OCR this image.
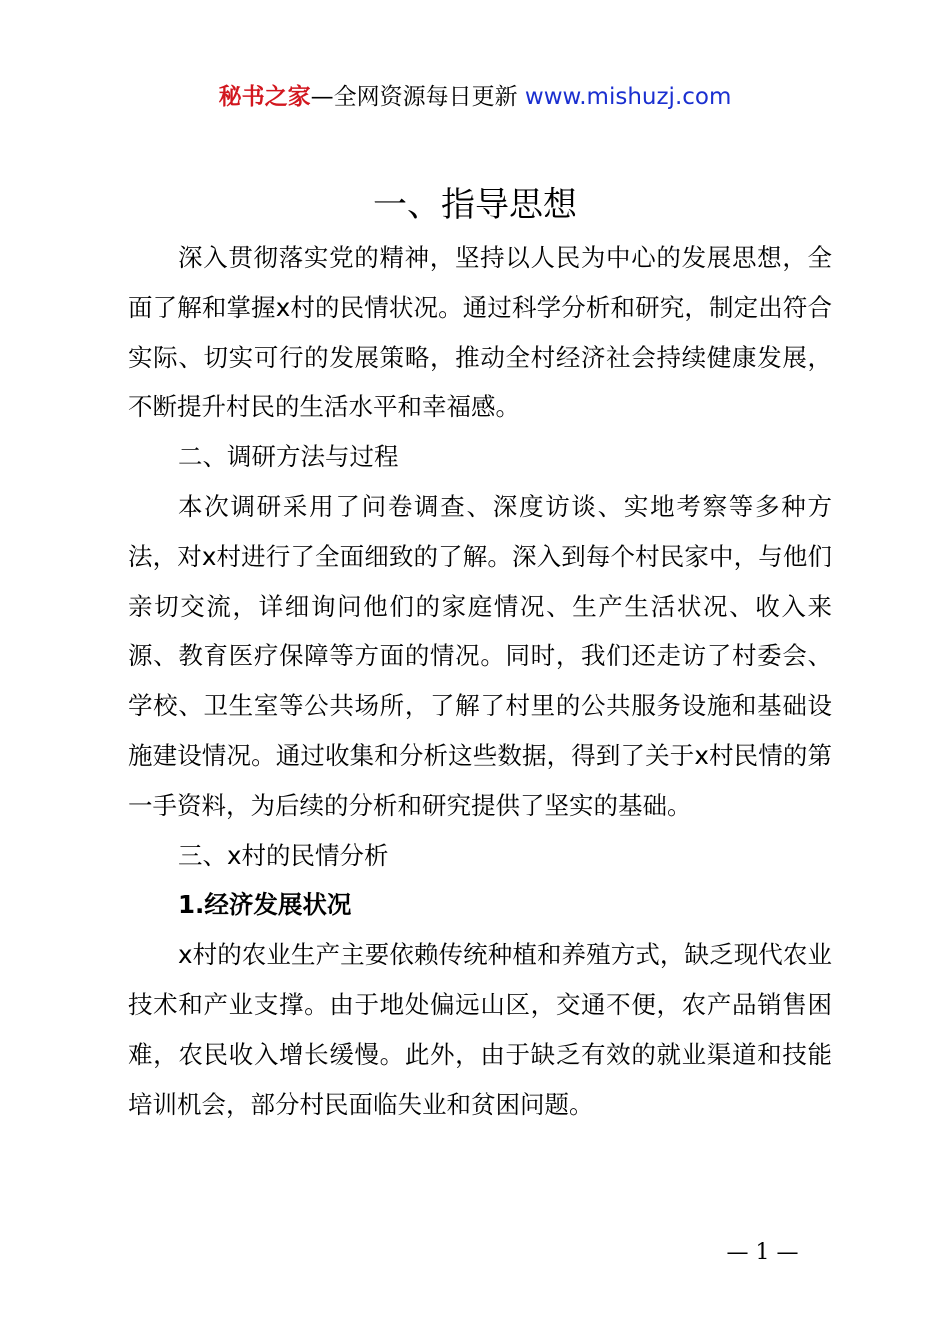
秘书之家—全网资源每日更新 www.mishuzj.com
一、指导思想

深入贯彻落实党的精神，坚持以人民为中心的发展思想，全面了解和掌握x村的民情状况。通过科学分析和研究，制定出符合实际、切实可行的发展策略，推动全村经济社会持续健康发展，不断提升村民的生活水平和幸福感。

二、调研方法与过程

本次调研采用了问卷调查、深度访谈、实地考察等多种方法，对x村进行了全面细致的了解。深入到每个村民家中，与他们亲切交流，详细询问他们的家庭情况、生产生活状况、收入来源、教育医疗保障等方面的情况。同时，我们还走访了村委会、学校、卫生室等公共场所，了解了村里的公共服务设施和基础设施建设情况。通过收集和分析这些数据，得到了关于x村民情的第一手资料，为后续的分析和研究提供了坚实的基础。

三、x村的民情分析

1.经济发展状况

x村的农业生产主要依赖传统种植和养殖方式，缺乏现代农业技术和产业支撑。由于地处偏远山区，交通不便，农产品销售困难，农民收入增长缓慢。此外，由于缺乏有效的就业渠道和技能培训机会，部分村民面临失业和贫困问题。

— 1 —
